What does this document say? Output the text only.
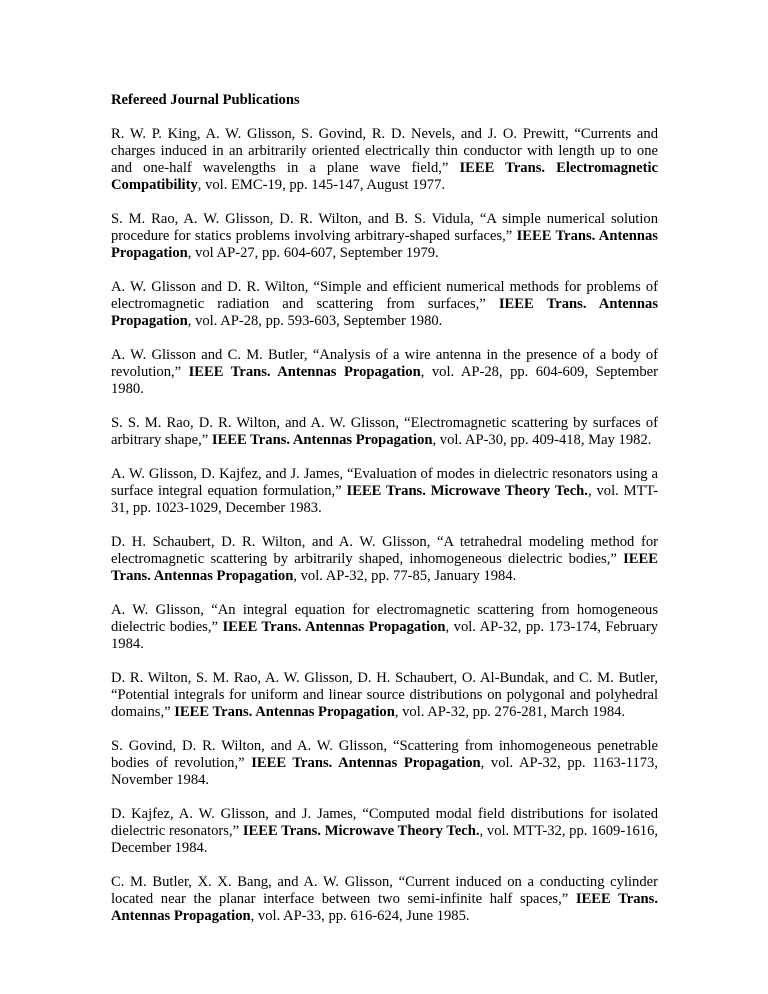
Refereed Journal Publications
R. W. P. King, A. W. Glisson, S. Govind, R. D. Nevels, and J. O. Prewitt, “Currents and charges induced in an arbitrarily oriented electrically thin conductor with length up to one and one-half wavelengths in a plane wave field,” IEEE Trans. Electromagnetic Compatibility, vol. EMC-19, pp. 145-147, August 1977.
S. M. Rao, A. W. Glisson, D. R. Wilton, and B. S. Vidula, “A simple numerical solution procedure for statics problems involving arbitrary-shaped surfaces,” IEEE Trans. Antennas Propagation, vol AP-27, pp. 604-607, September 1979.
A. W. Glisson and D. R. Wilton, “Simple and efficient numerical methods for problems of electromagnetic radiation and scattering from surfaces,” IEEE Trans. Antennas Propagation, vol. AP-28, pp. 593-603, September 1980.
A. W. Glisson and C. M. Butler, “Analysis of a wire antenna in the presence of a body of revolution,” IEEE Trans. Antennas Propagation, vol. AP-28, pp. 604-609, September 1980.
S. S. M. Rao, D. R. Wilton, and A. W. Glisson, “Electromagnetic scattering by surfaces of arbitrary shape,” IEEE Trans. Antennas Propagation, vol. AP-30, pp. 409-418, May 1982.
A. W. Glisson, D. Kajfez, and J. James, “Evaluation of modes in dielectric resonators using a surface integral equation formulation,” IEEE Trans. Microwave Theory Tech., vol. MTT-31, pp. 1023-1029, December 1983.
D. H. Schaubert, D. R. Wilton, and A. W. Glisson, “A tetrahedral modeling method for electromagnetic scattering by arbitrarily shaped, inhomogeneous dielectric bodies,” IEEE Trans. Antennas Propagation, vol. AP-32, pp. 77-85, January 1984.
A. W. Glisson, “An integral equation for electromagnetic scattering from homogeneous dielectric bodies,” IEEE Trans. Antennas Propagation, vol. AP-32, pp. 173-174, February 1984.
D. R. Wilton, S. M. Rao, A. W. Glisson, D. H. Schaubert, O. Al-Bundak, and C. M. Butler, “Potential integrals for uniform and linear source distributions on polygonal and polyhedral domains,” IEEE Trans. Antennas Propagation, vol. AP-32, pp. 276-281, March 1984.
S. Govind, D. R. Wilton, and A. W. Glisson, “Scattering from inhomogeneous penetrable bodies of revolution,” IEEE Trans. Antennas Propagation, vol. AP-32, pp. 1163-1173, November 1984.
D. Kajfez, A. W. Glisson, and J. James, “Computed modal field distributions for isolated dielectric resonators,” IEEE Trans. Microwave Theory Tech., vol. MTT-32, pp. 1609-1616, December 1984.
C. M. Butler, X. X. Bang, and A. W. Glisson, “Current induced on a conducting cylinder located near the planar interface between two semi-infinite half spaces,” IEEE Trans. Antennas Propagation, vol. AP-33, pp. 616-624, June 1985.
